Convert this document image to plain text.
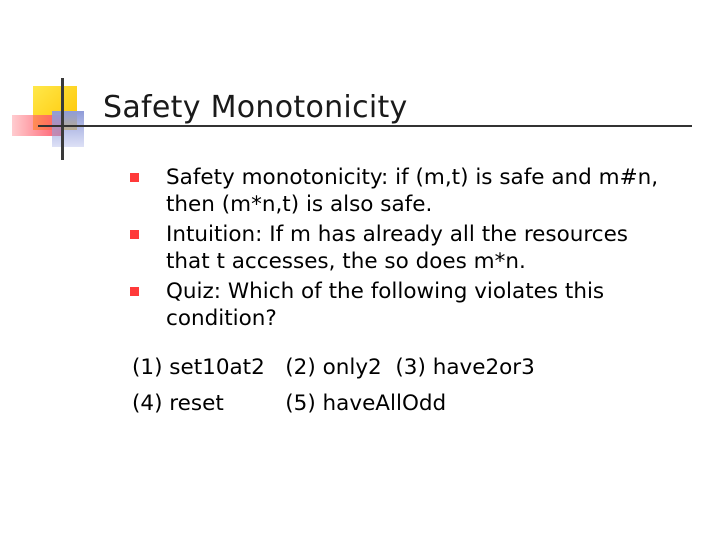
Safety Monotonicity
Safety monotonicity: if (m,t) is safe and m#n,
then (m*n,t) is also safe.
Intuition: If m has already all the resources
that t accesses, the so does m*n.
Quiz: Which of the following violates this
condition?
(1) set10at2   (2) only2  (3) have2or3
(4) reset         (5) haveAllOdd
